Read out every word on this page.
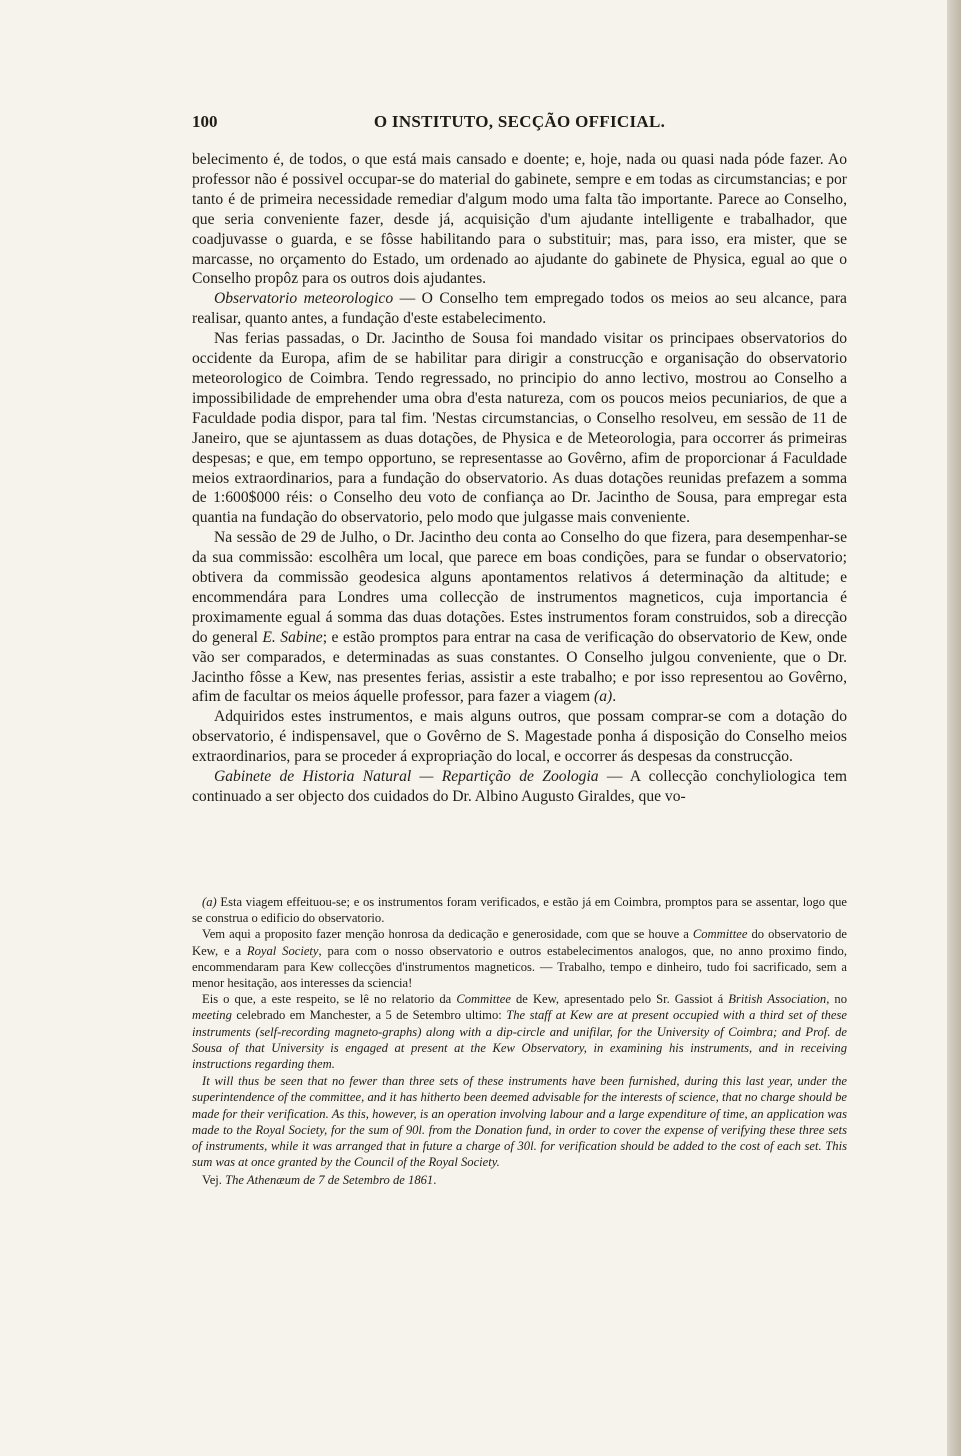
100	O INSTITUTO, SECÇÃO OFFICIAL.

belecimento é, de todos, o que está mais cansado e doente; e, hoje, nada ou quasi nada póde fazer. Ao professor não é possivel occupar-se do material do gabinete, sempre e em todas as circumstancias; e por tanto é de primeira necessidade remediar d'algum modo uma falta tão importante. Parece ao Conselho, que seria conveniente fazer, desde já, acquisição d'um ajudante intelligente e trabalhador, que coadjuvasse o guarda, e se fôsse habilitando para o substituir; mas, para isso, era mister, que se marcasse, no orçamento do Estado, um ordenado ao ajudante do gabinete de Physica, egual ao que o Conselho propôz para os outros dois ajudantes.

Observatorio meteorologico — O Conselho tem empregado todos os meios ao seu alcance, para realisar, quanto antes, a fundação d'este estabelecimento.

Nas ferias passadas, o Dr. Jacintho de Sousa foi mandado visitar os principaes observatorios do occidente da Europa, afim de se habilitar para dirigir a construcção e organisação do observatorio meteorologico de Coimbra. Tendo regressado, no principio do anno lectivo, mostrou ao Conselho a impossibilidade de emprehender uma obra d'esta natureza, com os poucos meios pecuniarios, de que a Faculdade podia dispor, para tal fim. 'Nestas circumstancias, o Conselho resolveu, em sessão de 11 de Janeiro, que se ajuntassem as duas dotações, de Physica e de Meteorologia, para occorrer ás primeiras despesas; e que, em tempo opportuno, se representasse ao Govêrno, afim de proporcionar á Faculdade meios extraordinarios, para a fundação do observatorio. As duas dotações reunidas prefazem a somma de 1:600$000 réis: o Conselho deu voto de confiança ao Dr. Jacintho de Sousa, para empregar esta quantia na fundação do observatorio, pelo modo que julgasse mais conveniente.

Na sessão de 29 de Julho, o Dr. Jacintho deu conta ao Conselho do que fizera, para desempenhar-se da sua commissão: escolhêra um local, que parece em boas condições, para se fundar o observatorio; obtivera da commissão geodesica alguns apontamentos relativos á determinação da altitude; e encommendára para Londres uma collecção de instrumentos magneticos, cuja importancia é proximamente egual á somma das duas dotações. Estes instrumentos foram construidos, sob a direcção do general E. Sabine; e estão promptos para entrar na casa de verificação do observatorio de Kew, onde vão ser comparados, e determinadas as suas constantes. O Conselho julgou conveniente, que o Dr. Jacintho fôsse a Kew, nas presentes ferias, assistir a este trabalho; e por isso representou ao Govêrno, afim de facultar os meios áquelle professor, para fazer a viagem (a).

Adquiridos estes instrumentos, e mais alguns outros, que possam comprar-se com a dotação do observatorio, é indispensavel, que o Govêrno de S. Magestade ponha á disposição do Conselho meios extraordinarios, para se proceder á expropriação do local, e occorrer ás despesas da construcção.

Gabinete de Historia Natural — Repartição de Zoologia — A collecção conchyliologica tem continuado a ser objecto dos cuidados do Dr. Albino Augusto Giraldes, que vo-

(a) Esta viagem effeituou-se; e os instrumentos foram verificados, e estão já em Coimbra, promptos para se assentar, logo que se construa o edificio do observatorio.

Vem aqui a proposito fazer menção honrosa da dedicação e generosidade, com que se houve a Committee do observatorio de Kew, e a Royal Society, para com o nosso observatorio e outros estabelecimentos analogos, que, no anno proximo findo, encommendaram para Kew collecções d'instrumentos magneticos. — Trabalho, tempo e dinheiro, tudo foi sacrificado, sem a menor hesitação, aos interesses da sciencia!

Eis o que, a este respeito, se lê no relatorio da Committee de Kew, apresentado pelo Sr. Gassiot á British Association, no meeting celebrado em Manchester, a 5 de Setembro ultimo: The staff at Kew are at present occupied with a third set of these instruments (self-recording magneto-graphs) along with a dip-circle and unifilar, for the University of Coimbra; and Prof. de Sousa of that University is engaged at present at the Kew Observatory, in examining his instruments, and in receiving instructions regarding them.

It will thus be seen that no fewer than three sets of these instruments have been furnished, during this last year, under the superintendence of the committee, and it has hitherto been deemed advisable for the interests of science, that no charge should be made for their verification. As this, however, is an operation involving labour and a large expenditure of time, an application was made to the Royal Society, for the sum of 90l. from the Donation fund, in order to cover the expense of verifying these three sets of instruments, while it was arranged that in future a charge of 30l. for verification should be added to the cost of each set. This sum was at once granted by the Council of the Royal Society.

Vej. The Athenæum de 7 de Setembro de 1861.
